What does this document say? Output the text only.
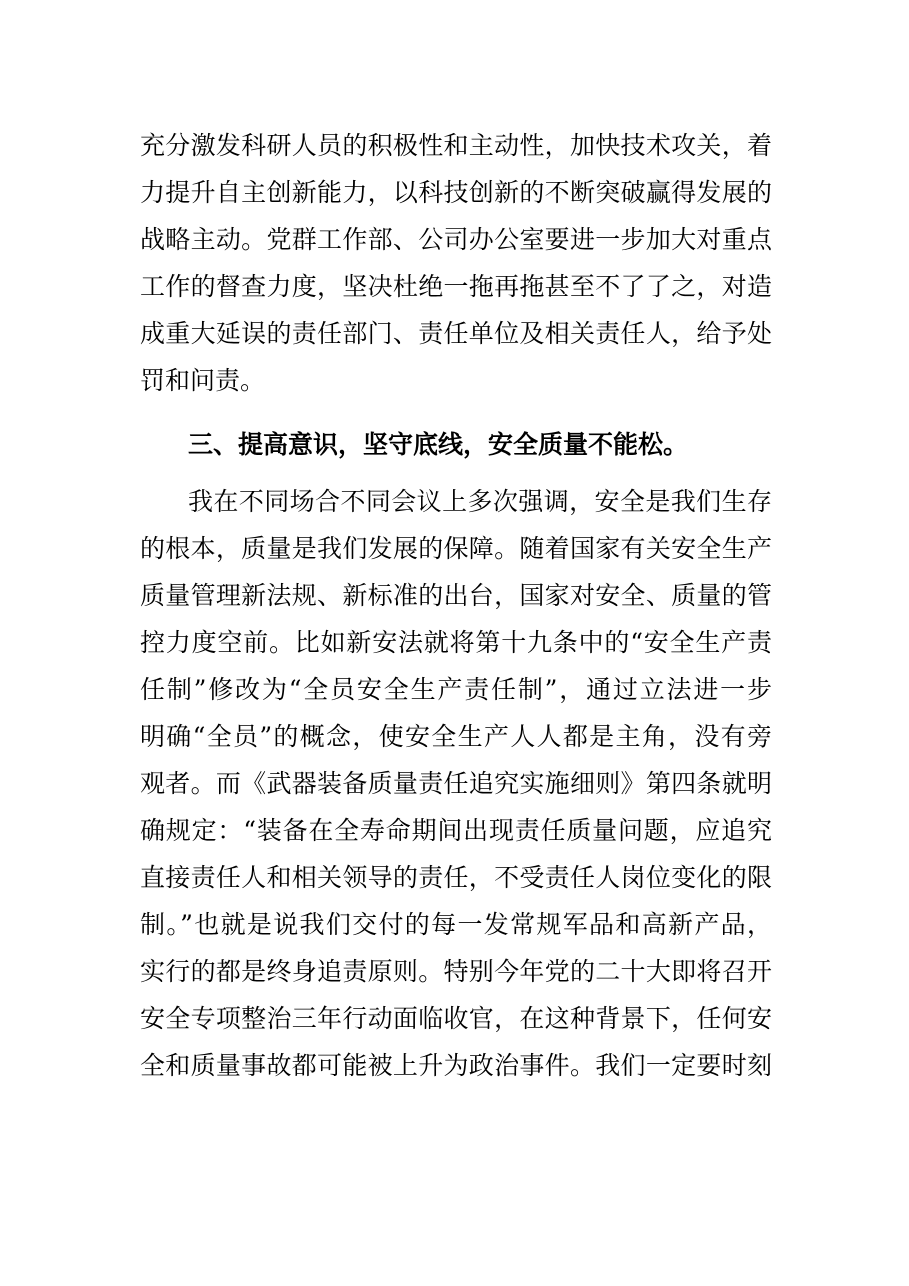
充分激发科研人员的积极性和主动性，加快技术攻关，着
力提升自主创新能力，以科技创新的不断突破赢得发展的
战略主动。党群工作部、公司办公室要进一步加大对重点
工作的督查力度，坚决杜绝一拖再拖甚至不了了之，对造
成重大延误的责任部门、责任单位及相关责任人，给予处
罚和问责。
三、提高意识，坚守底线，安全质量不能松。
我在不同场合不同会议上多次强调，安全是我们生存
的根本，质量是我们发展的保障。随着国家有关安全生产
质量管理新法规、新标准的出台，国家对安全、质量的管
控力度空前。比如新安法就将第十九条中的“安全生产责
任制”修改为“全员安全生产责任制”，通过立法进一步
明确“全员”的概念，使安全生产人人都是主角，没有旁
观者。而《武器装备质量责任追究实施细则》第四条就明
确规定：“装备在全寿命期间出现责任质量问题，应追究
直接责任人和相关领导的责任，不受责任人岗位变化的限
制。”也就是说我们交付的每一发常规军品和高新产品，
实行的都是终身追责原则。特别今年党的二十大即将召开
安全专项整治三年行动面临收官，在这种背景下，任何安
全和质量事故都可能被上升为政治事件。我们一定要时刻
